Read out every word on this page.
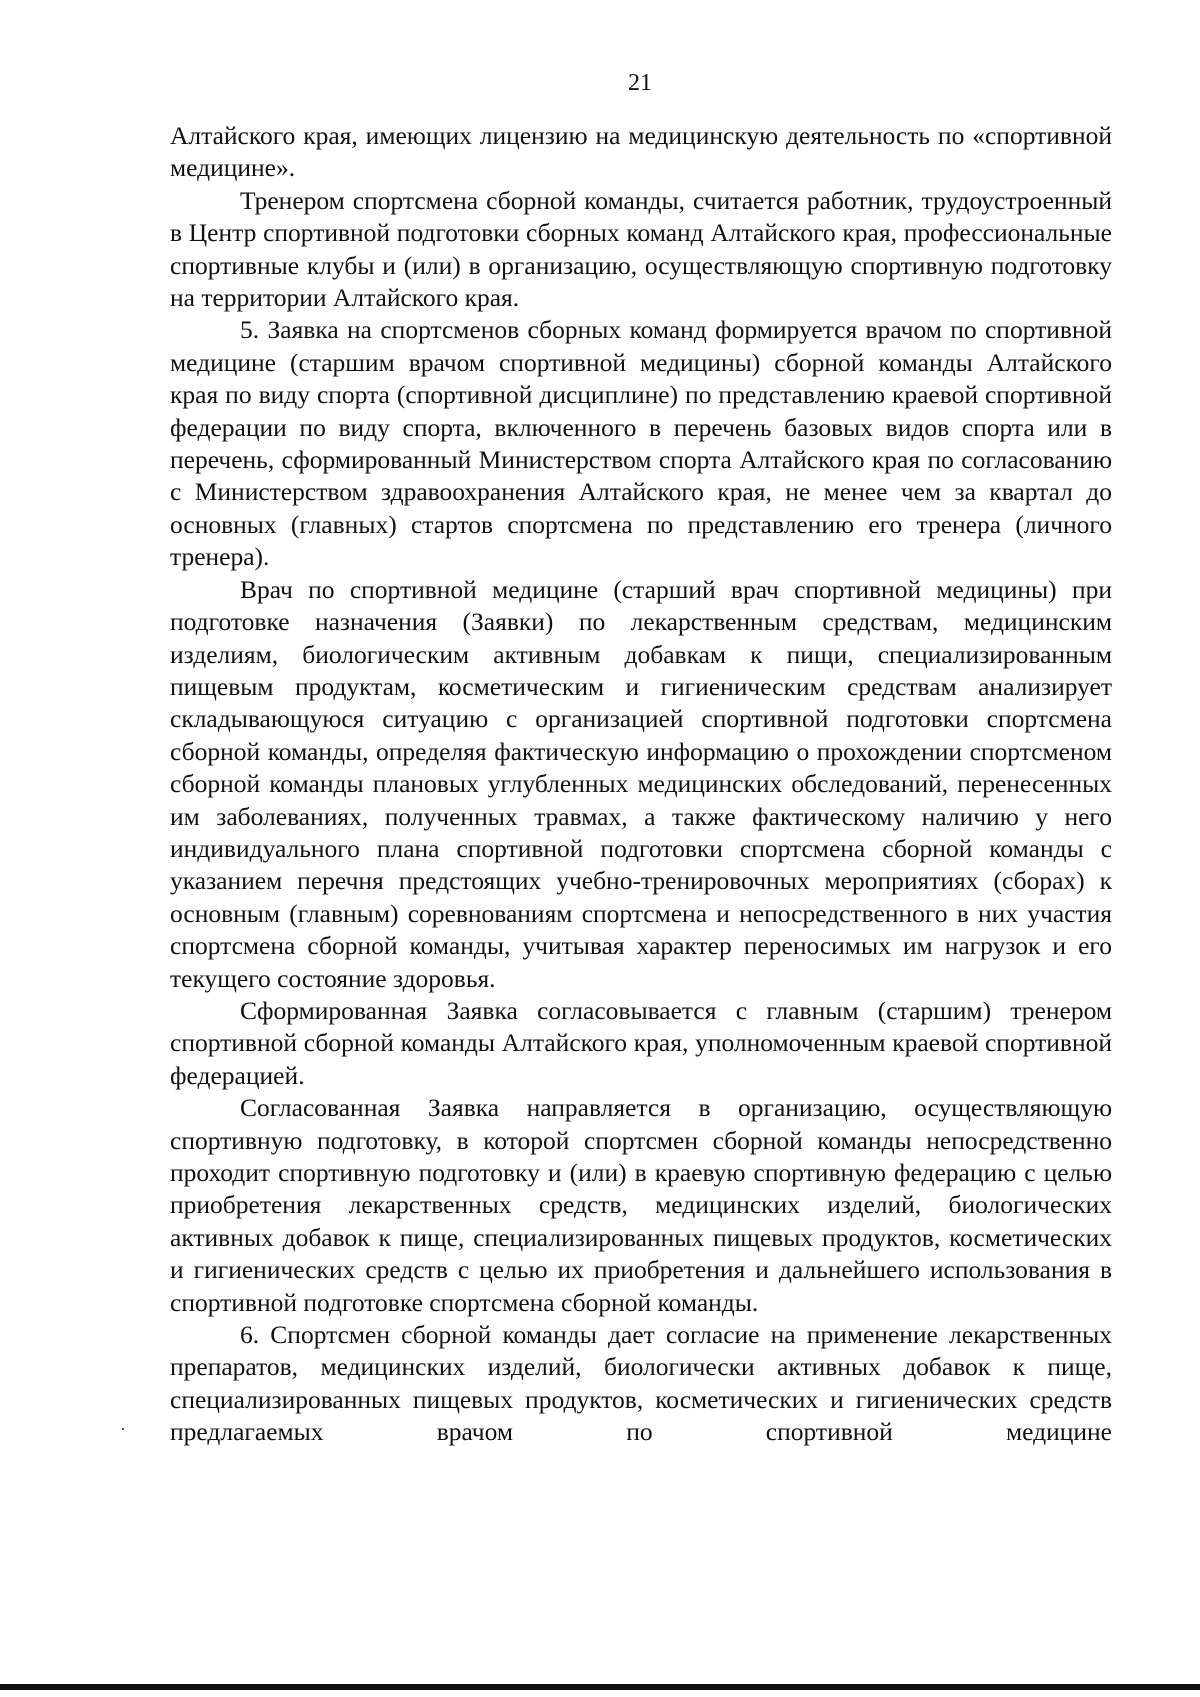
21

Алтайского края, имеющих лицензию на медицинскую деятельность по «спортивной медицине».

Тренером спортсмена сборной команды, считается работник, трудоустроенный в Центр спортивной подготовки сборных команд Алтайского края, профессиональные спортивные клубы и (или) в организацию, осуществляющую спортивную подготовку на территории Алтайского края.

5. Заявка на спортсменов сборных команд формируется врачом по спортивной медицине (старшим врачом спортивной медицины) сборной команды Алтайского края по виду спорта (спортивной дисциплине) по представлению краевой спортивной федерации по виду спорта, включенного в перечень базовых видов спорта или в перечень, сформированный Министерством спорта Алтайского края по согласованию с Министерством здравоохранения Алтайского края, не менее чем за квартал до основных (главных) стартов спортсмена по представлению его тренера (личного тренера).

Врач по спортивной медицине (старший врач спортивной медицины) при подготовке назначения (Заявки) по лекарственным средствам, медицинским изделиям, биологическим активным добавкам к пищи, специализированным пищевым продуктам, косметическим и гигиеническим средствам анализирует складывающуюся ситуацию с организацией спортивной подготовки спортсмена сборной команды, определяя фактическую информацию о прохождении спортсменом сборной команды плановых углубленных медицинских обследований, перенесенных им заболеваниях, полученных травмах, а также фактическому наличию у него индивидуального плана спортивной подготовки спортсмена сборной команды с указанием перечня предстоящих учебно-тренировочных мероприятиях (сборах) к основным (главным) соревнованиям спортсмена и непосредственного в них участия спортсмена сборной команды, учитывая характер переносимых им нагрузок и его текущего состояние здоровья.

Сформированная Заявка согласовывается с главным (старшим) тренером спортивной сборной команды Алтайского края, уполномоченным краевой спортивной федерацией.

Согласованная Заявка направляется в организацию, осуществляющую спортивную подготовку, в которой спортсмен сборной команды непосредственно проходит спортивную подготовку и (или) в краевую спортивную федерацию с целью приобретения лекарственных средств, медицинских изделий, биологических активных добавок к пище, специализированных пищевых продуктов, косметических и гигиенических средств с целью их приобретения и дальнейшего использования в спортивной подготовке спортсмена сборной команды.

6. Спортсмен сборной команды дает согласие на применение лекарственных препаратов, медицинских изделий, биологически активных добавок к пище, специализированных пищевых продуктов, косметических и гигиенических средств предлагаемых врачом по спортивной медицине
